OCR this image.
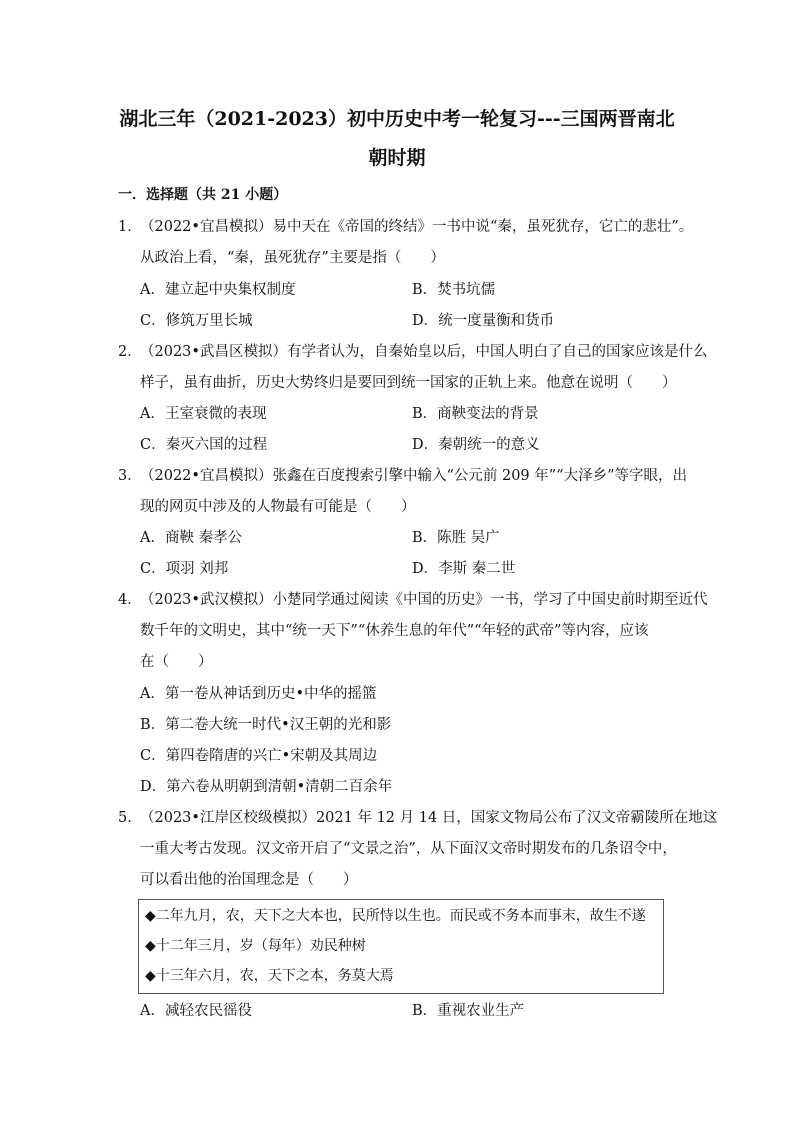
湖北三年（2021-2023）初中历史中考一轮复习---三国两晋南北
朝时期
一．选择题（共 21 小题）
1．
（2022•宜昌模拟）易中天在《帝国的终结》一书中说“秦，虽死犹存，它亡的悲壮”。
从政治上看，“秦，虽死犹存”主要是指（　　）
A．建立起中央集权制度	B．焚书坑儒
C．修筑万里长城	D．统一度量衡和货币
2．
（2023•武昌区模拟）有学者认为，自秦始皇以后，中国人明白了自己的国家应该是什么
样子，虽有曲折，历史大势终归是要回到统一国家的正轨上来。他意在说明（　　）
A．王室衰微的表现	B．商鞅变法的背景
C．秦灭六国的过程	D．秦朝统一的意义
3．
（2022•宜昌模拟）张鑫在百度搜索引擎中输入“公元前 209 年”“大泽乡”等字眼，出
现的网页中涉及的人物最有可能是（　　）
A．商鞅 秦孝公	B．陈胜 吴广
C．项羽 刘邦	D．李斯 秦二世
4．
（2023•武汉模拟）小楚同学通过阅读《中国的历史》一书，学习了中国史前时期至近代
数千年的文明史，其中“统一天下”“休养生息的年代”“年轻的武帝”等内容，应该
在（　　）
A．第一卷从神话到历史•中华的摇篮
B．第二卷大统一时代•汉王朝的光和影
C．第四卷隋唐的兴亡•宋朝及其周边
D．第六卷从明朝到清朝•清朝二百余年
5．
（2023•江岸区校级模拟）2021 年 12 月 14 日，国家文物局公布了汉文帝霸陵所在地这
一重大考古发现。汉文帝开启了“文景之治”，从下面汉文帝时期发布的几条诏令中，
可以看出他的治国理念是（　　）
◆二年九月，农，天下之大本也，民所恃以生也。而民或不务本而事末，故生不遂
◆十二年三月，岁（每年）劝民种树
◆十三年六月，农，天下之本，务莫大焉
A．减轻农民徭役	B．重视农业生产
